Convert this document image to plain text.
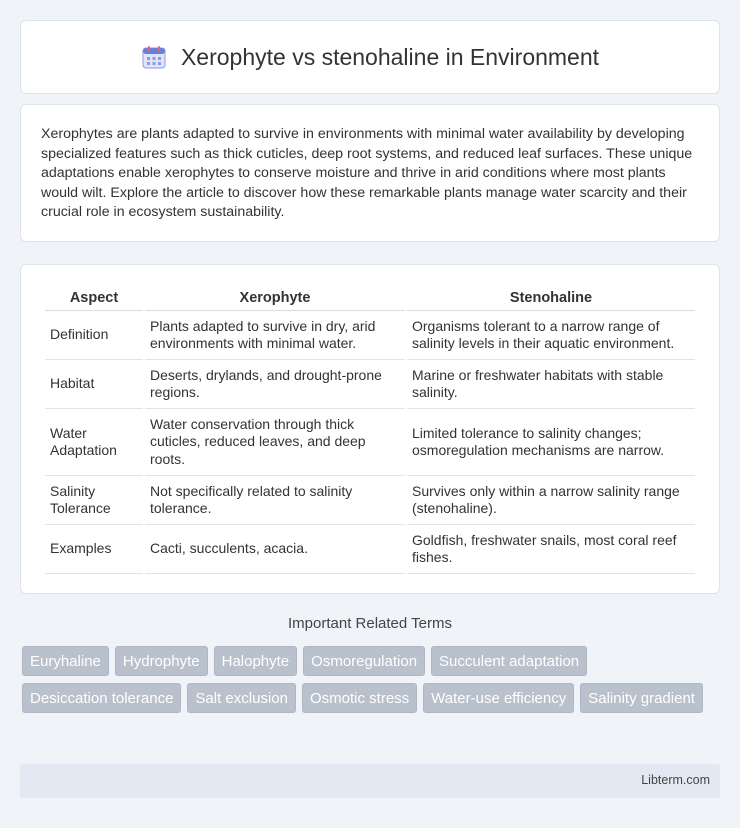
Xerophyte vs stenohaline in Environment

Xerophytes are plants adapted to survive in environments with minimal water availability by developing specialized features such as thick cuticles, deep root systems, and reduced leaf surfaces. These unique adaptations enable xerophytes to conserve moisture and thrive in arid conditions where most plants would wilt. Explore the article to discover how these remarkable plants manage water scarcity and their crucial role in ecosystem sustainability.

Aspect	Xerophyte	Stenohaline
Definition	Plants adapted to survive in dry, arid environments with minimal water.	Organisms tolerant to a narrow range of salinity levels in their aquatic environment.
Habitat	Deserts, drylands, and drought-prone regions.	Marine or freshwater habitats with stable salinity.
Water Adaptation	Water conservation through thick cuticles, reduced leaves, and deep roots.	Limited tolerance to salinity changes; osmoregulation mechanisms are narrow.
Salinity Tolerance	Not specifically related to salinity tolerance.	Survives only within a narrow salinity range (stenohaline).
Examples	Cacti, succulents, acacia.	Goldfish, freshwater snails, most coral reef fishes.
Important Related Terms
Euryhaline	Hydrophyte	Halophyte	Osmoregulation	Succulent adaptation
Desiccation tolerance	Salt exclusion	Osmotic stress	Water-use efficiency	Salinity gradient
Libterm.com
